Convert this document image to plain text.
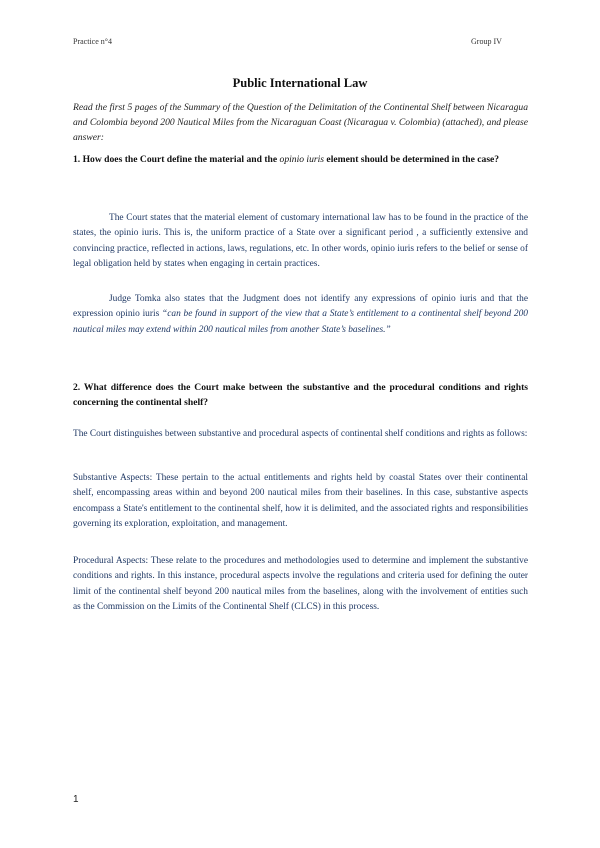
Practice n°4	Group IV
Public International Law
Read the first 5 pages of the Summary of the Question of the Delimitation of the Continental Shelf between Nicaragua and Colombia beyond 200 Nautical Miles from the Nicaraguan Coast (Nicaragua v. Colombia) (attached), and please answer:
1. How does the Court define the material and the opinio iuris element should be determined in the case?
The Court states that the material element of customary international law has to be found in the practice of the states, the opinio iuris. This is, the uniform practice of a State over a significant period , a sufficiently extensive and convincing practice, reflected in actions, laws, regulations, etc. In other words, opinio iuris refers to the belief or sense of legal obligation held by states when engaging in certain practices.
Judge Tomka also states that the Judgment does not identify any expressions of opinio iuris and that the expression opinio iuris “can be found in support of the view that a State’s entitlement to a continental shelf beyond 200 nautical miles may extend within 200 nautical miles from another State’s baselines.”
2. What difference does the Court make between the substantive and the procedural conditions and rights concerning the continental shelf?
The Court distinguishes between substantive and procedural aspects of continental shelf conditions and rights as follows:
Substantive Aspects: These pertain to the actual entitlements and rights held by coastal States over their continental shelf, encompassing areas within and beyond 200 nautical miles from their baselines. In this case, substantive aspects encompass a State's entitlement to the continental shelf, how it is delimited, and the associated rights and responsibilities governing its exploration, exploitation, and management.
Procedural Aspects: These relate to the procedures and methodologies used to determine and implement the substantive conditions and rights. In this instance, procedural aspects involve the regulations and criteria used for defining the outer limit of the continental shelf beyond 200 nautical miles from the baselines, along with the involvement of entities such as the Commission on the Limits of the Continental Shelf (CLCS) in this process.
1
